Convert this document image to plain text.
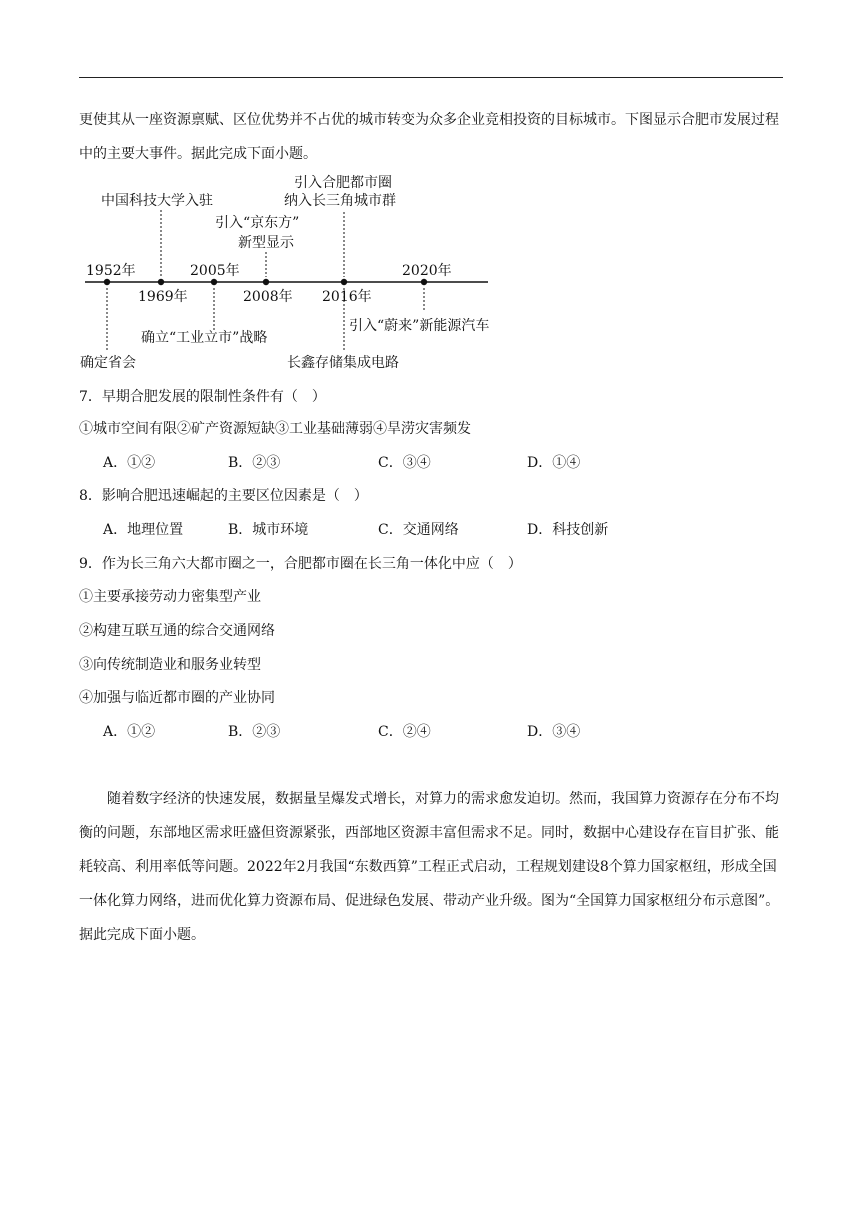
更使其从一座资源禀赋、区位优势并不占优的城市转变为众多企业竞相投资的目标城市。下图显示合肥市发展过程中的主要大事件。据此完成下面小题。

1952年
1969年
2005年
2008年 2016年
2020年
中国科技大学入驻
引入“京东方”
新型显示
引入合肥都市圈
纳入长三角城市群
引入“蔚来”新能源汽车
确立“工业立市”战略
确定省会	长鑫存储集成电路
7．早期合肥发展的限制性条件有（　）
①城市空间有限②矿产资源短缺③工业基础薄弱④旱涝灾害频发
A．①②	B．②③	C．③④	D．①④
8．影响合肥迅速崛起的主要区位因素是（　）
A．地理位置	B．城市环境	C．交通网络	D．科技创新
9．作为长三角六大都市圈之一，合肥都市圈在长三角一体化中应（　）
①主要承接劳动力密集型产业
②构建互联互通的综合交通网络
③向传统制造业和服务业转型
④加强与临近都市圈的产业协同
A．①②	B．②③	C．②④	D．③④

随着数字经济的快速发展，数据量呈爆发式增长，对算力的需求愈发迫切。然而，我国算力资源存在分布不均衡的问题，东部地区需求旺盛但资源紧张，西部地区资源丰富但需求不足。同时，数据中心建设存在盲目扩张、能耗较高、利用率低等问题。2022年2月我国“东数西算”工程正式启动，工程规划建设8个算力国家枢纽，形成全国一体化算力网络，进而优化算力资源布局、促进绿色发展、带动产业升级。图为“全国算力国家枢纽分布示意图”。据此完成下面小题。
